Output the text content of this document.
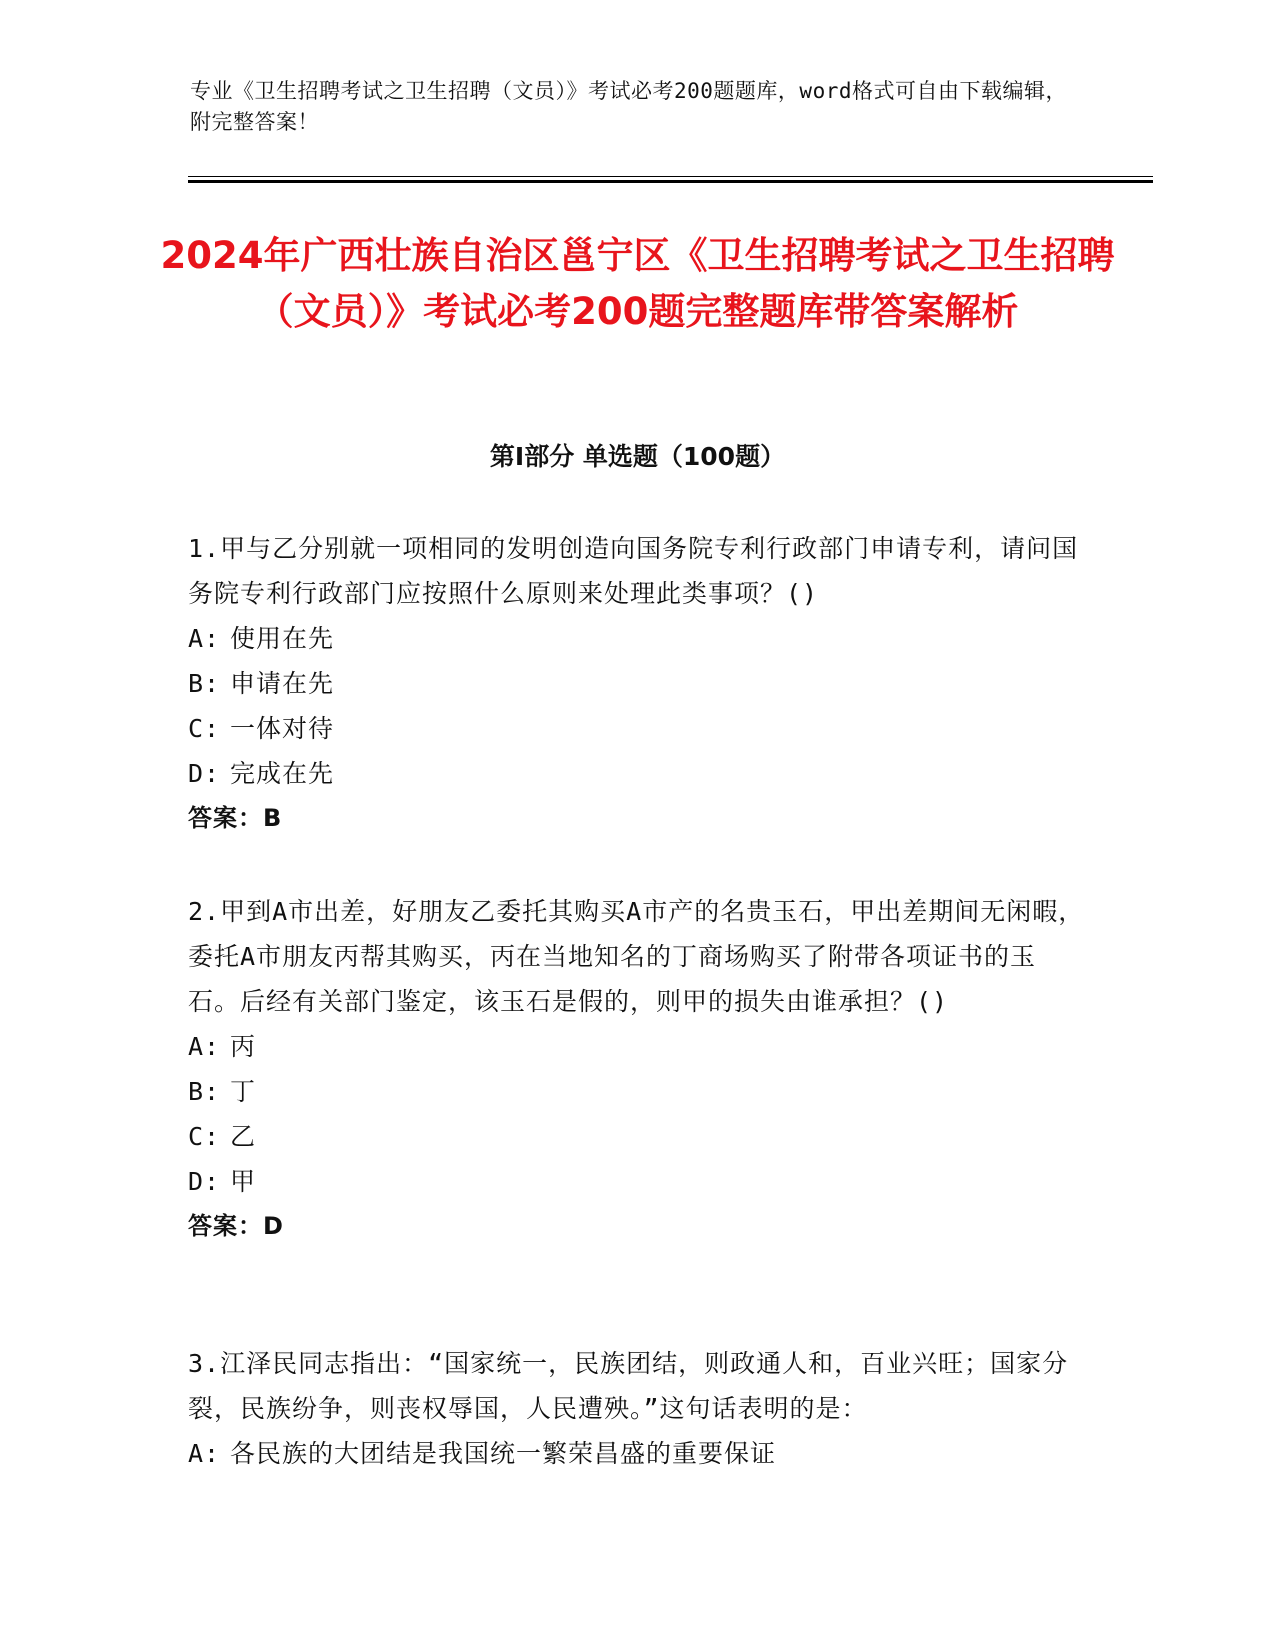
专业《卫生招聘考试之卫生招聘（文员）》考试必考200题题库，word格式可自由下载编辑，附完整答案！
2024年广西壮族自治区邕宁区《卫生招聘考试之卫生招聘（文员）》考试必考200题完整题库带答案解析
第Ⅰ部分 单选题（100题）
1.甲与乙分别就一项相同的发明创造向国务院专利行政部门申请专利，请问国务院专利行政部门应按照什么原则来处理此类事项？()
A: 使用在先
B: 申请在先
C: 一体对待
D: 完成在先
答案：B
2.甲到A市出差，好朋友乙委托其购买A市产的名贵玉石，甲出差期间无闲暇，委托A市朋友丙帮其购买，丙在当地知名的丁商场购买了附带各项证书的玉石。后经有关部门鉴定，该玉石是假的，则甲的损失由谁承担？()
A: 丙
B: 丁
C: 乙
D: 甲
答案：D
3.江泽民同志指出：“国家统一，民族团结，则政通人和，百业兴旺；国家分裂，民族纷争，则丧权辱国，人民遭殃。”这句话表明的是：
A: 各民族的大团结是我国统一繁荣昌盛的重要保证
